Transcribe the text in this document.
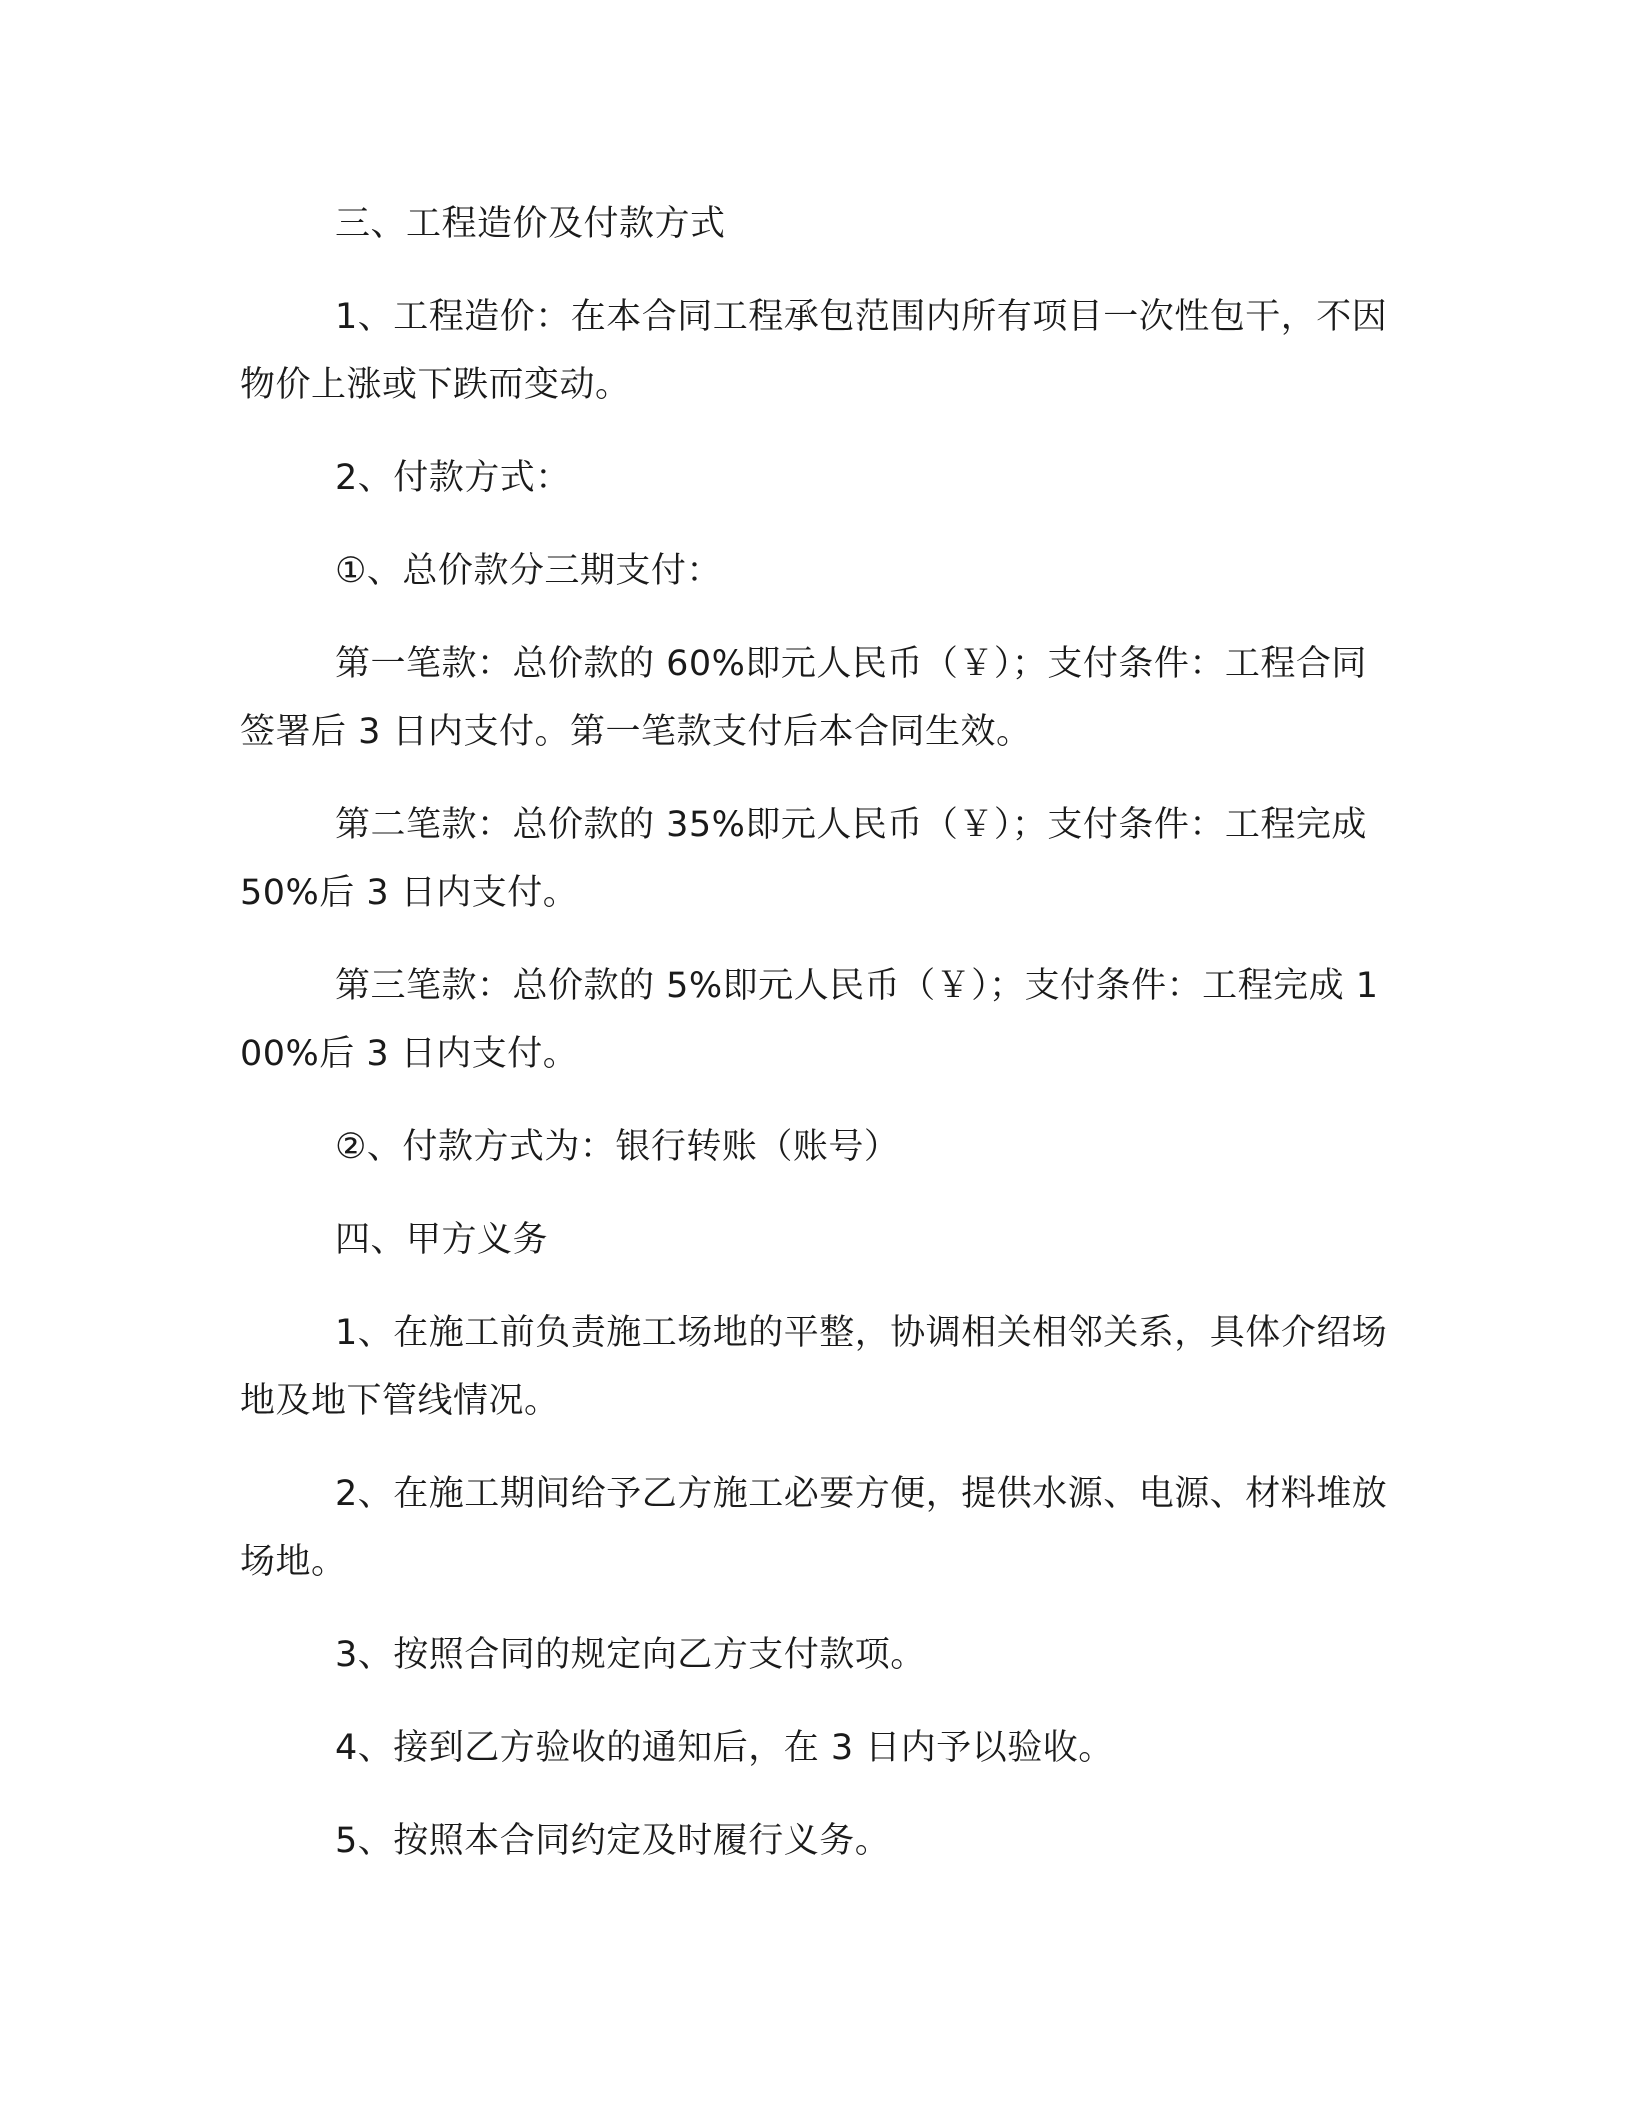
三、工程造价及付款方式

1、工程造价：在本合同工程承包范围内所有项目一次性包干，不因物价上涨或下跌而变动。

2、付款方式：

①、总价款分三期支付：

第一笔款：总价款的 60%即元人民币（￥）；支付条件：工程合同签署后 3 日内支付。第一笔款支付后本合同生效。

第二笔款：总价款的 35%即元人民币（￥）；支付条件：工程完成 50%后 3 日内支付。

第三笔款：总价款的 5%即元人民币（￥）；支付条件：工程完成 100%后 3 日内支付。

②、付款方式为：银行转账（账号）

四、甲方义务

1、在施工前负责施工场地的平整，协调相关相邻关系，具体介绍场地及地下管线情况。

2、在施工期间给予乙方施工必要方便，提供水源、电源、材料堆放场地。

3、按照合同的规定向乙方支付款项。

4、接到乙方验收的通知后，在 3 日内予以验收。

5、按照本合同约定及时履行义务。
